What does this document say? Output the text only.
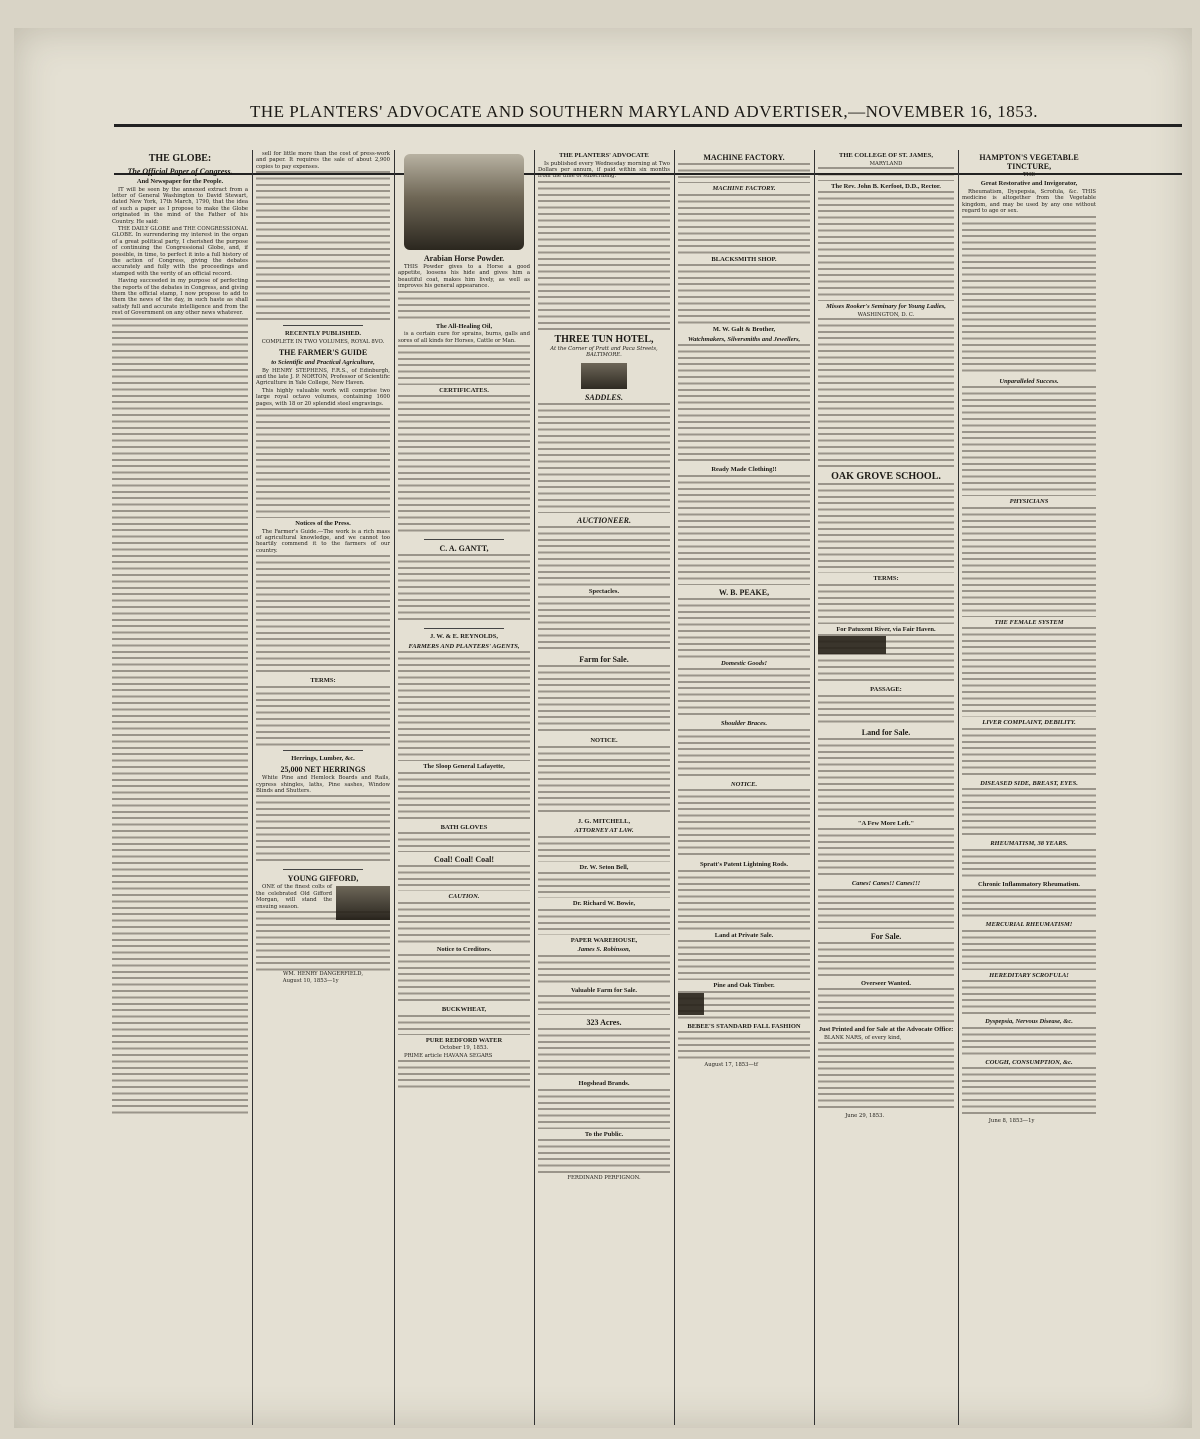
THE PLANTERS' ADVOCATE AND SOUTHERN MARYLAND ADVERTISER,—NOVEMBER 16, 1853.
THE GLOBE:
The Official Paper of Congress.
And Newspaper for the People.
IT will be seen by the annexed extract from a letter of General Washington to David Stewart, dated New York, 17th March, 1790, that the idea of such a paper as I propose to make the Globe originated in the mind of the Father of his Country. He said:
THE DAILY GLOBE and THE CONGRESSIONAL GLOBE. In surrendering my interest in the organ of a great political party, I cherished the purpose of continuing the Congressional Globe, and, if possible, in time, to perfect it into a full history of the action of Congress, giving the debates accurately and fully with the proceedings and stamped with the verity of an official record.
Having succeeded in my purpose of perfecting the reports of the debates in Congress, and giving them the official stamp, I now propose to add to them the news of the day, in such haste as shall satisfy full and accurate intelligence and from the rest of Government on any other news whatever.
sell for little more than the cost of press-work and paper. It requires the sale of about 2,900 copies to pay expenses.
RECENTLY PUBLISHED.
COMPLETE IN TWO VOLUMES, ROYAL 8VO.
THE FARMER'S GUIDE
to Scientific and Practical Agriculture,
By HENRY STEPHENS, F.R.S., of Edinburgh, and the late J. P. NORTON, Professor of Scientific Agriculture in Yale College, New Haven.
This highly valuable work will comprise two large royal octavo volumes, containing 1600 pages, with 18 or 20 splendid steel engravings.
Notices of the Press.
The Farmer's Guide.—The work is a rich mass of agricultural knowledge, and we cannot too heartily commend it to the farmers of our country.
TERMS:
Herrings, Lumber, &c.
25,000 NET HERRINGS
White Pine and Hemlock Boards and Rails, cypress shingles, laths, Pine sashes, Window Blinds and Shutters.
YOUNG GIFFORD,
ONE of the finest colts of the celebrated Old Gifford Morgan, will stand the ensuing season.
WM. HENRY DANGERFIELD,
August 10, 1853—1y
Arabian Horse Powder.
THIS Powder gives to a Horse a good appetite, loosens his hide and gives him a beautiful coat, makes him lively, as well as improves his general appearance.
The All-Healing Oil,
is a certain cure for sprains, burns, galls and sores of all kinds for Horses, Cattle or Man.
CERTIFICATES.
C. A. GANTT,
J. W. & E. REYNOLDS,
FARMERS AND PLANTERS' AGENTS,
The Sloop General Lafayette,
BATH GLOVES
Coal! Coal! Coal!
CAUTION.
Notice to Creditors.
BUCKWHEAT,
PURE REDFORD WATER
October 19, 1853.
PRIME article HAVANA SEGARS
THE PLANTERS' ADVOCATE
Is published every Wednesday morning at Two Dollars per annum, if paid within six months from the time of subscribing.
THREE TUN HOTEL,
At the Corner of Pratt and Paca Streets, BALTIMORE.
SADDLES.
AUCTIONEER.
Spectacles.
Farm for Sale.
NOTICE.
J. G. MITCHELL,
ATTORNEY AT LAW.
Dr. W. Seton Bell,
Dr. Richard W. Bowie,
PAPER WAREHOUSE,
James S. Robinson,
Valuable Farm for Sale.
323 Acres.
Hogshead Brands.
To the Public.
FERDINAND PERFIGNON.
MACHINE FACTORY.
MACHINE FACTORY.
BLACKSMITH SHOP.
M. W. Galt & Brother,
Watchmakers, Silversmiths and Jewellers,
Ready Made Clothing!!
W. B. PEAKE,
Domestic Goods!
Shoulder Braces.
NOTICE.
Spratt's Patent Lightning Rods.
Land at Private Sale.
Pine and Oak Timber.
BEBEE'S STANDARD FALL FASHION
August 17, 1853—tf
THE COLLEGE OF ST. JAMES,
MARYLAND
The Rev. John B. Kerfoot, D.D., Rector.
Misses Rooker's Seminary for Young Ladies,
WASHINGTON, D. C.
OAK GROVE SCHOOL.
TERMS:
For Patuxent River, via Fair Haven.
PASSAGE:
Land for Sale.
"A Few More Left."
Canes! Canes!! Canes!!!
For Sale.
Overseer Wanted.
Just Printed and for Sale at the Advocate Office:
BLANK NARS, of every kind,
June 29, 1853.
HAMPTON'S VEGETABLE TINCTURE,
THE
Great Restorative and Invigorator,
Rheumatism, Dyspepsia, Scrofula, &c. THIS medicine is altogether from the Vegetable kingdom, and may be used by any one without regard to age or sex.
Unparalleled Success.
PHYSICIANS
THE FEMALE SYSTEM
LIVER COMPLAINT, DEBILITY.
DISEASED SIDE, BREAST, EYES.
RHEUMATISM, 38 YEARS.
Chronic Inflammatory Rheumatism.
MERCURIAL RHEUMATISM!
HEREDITARY SCROFULA!
Dyspepsia, Nervous Disease, &c.
COUGH, CONSUMPTION, &c.
June 8, 1853—1y
